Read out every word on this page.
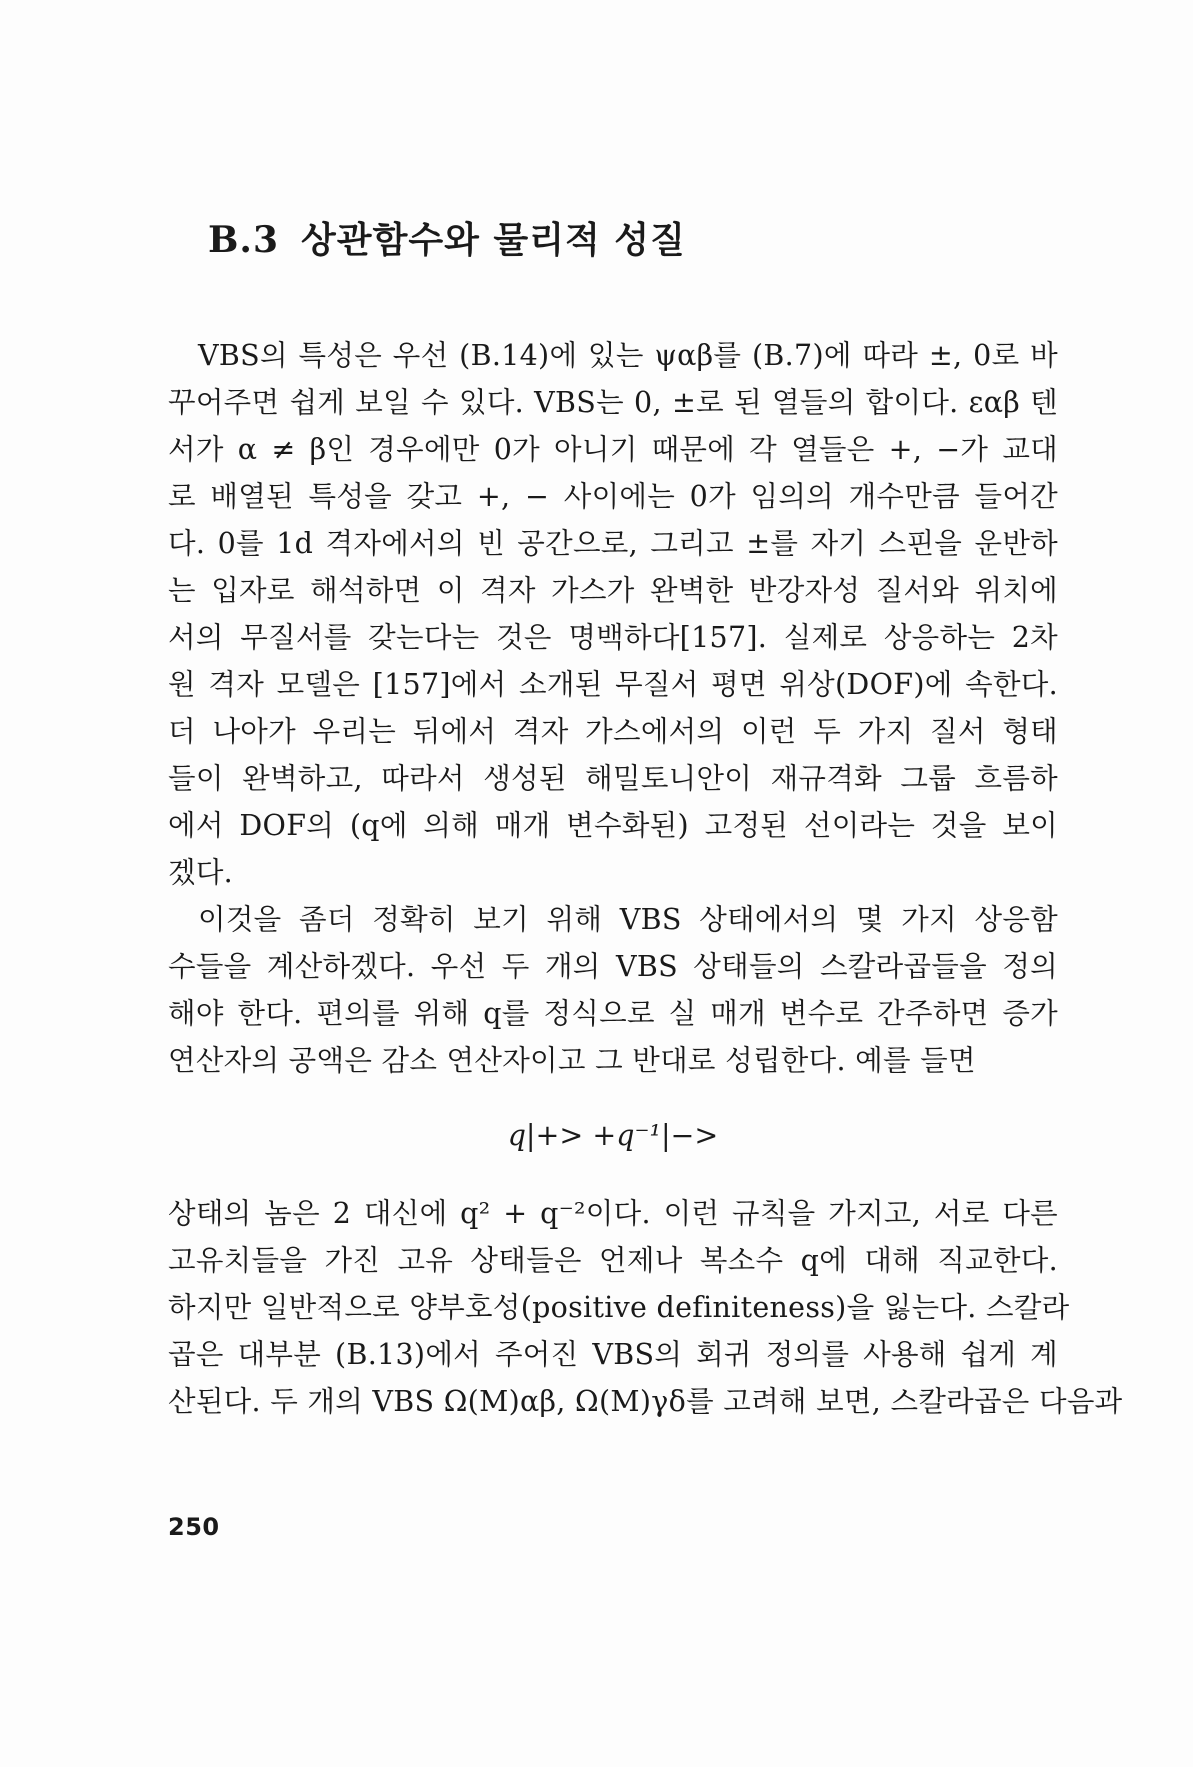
B.3 상관함수와 물리적 성질
VBS의 특성은 우선 (B.14)에 있는 ψαβ를 (B.7)에 따라 ±, 0로 바
꾸어주면 쉽게 보일 수 있다. VBS는 0, ±로 된 열들의 합이다. εαβ 텐
서가 α ≠ β인 경우에만 0가 아니기 때문에 각 열들은 +, −가 교대
로 배열된 특성을 갖고 +, − 사이에는 0가 임의의 개수만큼 들어간
다. 0를 1d 격자에서의 빈 공간으로, 그리고 ±를 자기 스핀을 운반하
는 입자로 해석하면 이 격자 가스가 완벽한 반강자성 질서와 위치에
서의 무질서를 갖는다는 것은 명백하다[157]. 실제로 상응하는 2차
원 격자 모델은 [157]에서 소개된 무질서 평면 위상(DOF)에 속한다.
더 나아가 우리는 뒤에서 격자 가스에서의 이런 두 가지 질서 형태
들이 완벽하고, 따라서 생성된 해밀토니안이 재규격화 그룹 흐름하
에서 DOF의 (q에 의해 매개 변수화된) 고정된 선이라는 것을 보이
겠다.
이것을 좀더 정확히 보기 위해 VBS 상태에서의 몇 가지 상응함
수들을 계산하겠다. 우선 두 개의 VBS 상태들의 스칼라곱들을 정의
해야 한다. 편의를 위해 q를 정식으로 실 매개 변수로 간주하면 증가
연산자의 공액은 감소 연산자이고 그 반대로 성립한다. 예를 들면
q|+> +q⁻¹|−>
상태의 놈은 2 대신에 q² + q⁻²이다. 이런 규칙을 가지고, 서로 다른
고유치들을 가진 고유 상태들은 언제나 복소수 q에 대해 직교한다.
하지만 일반적으로 양부호성(positive definiteness)을 잃는다. 스칼라
곱은 대부분 (B.13)에서 주어진 VBS의 회귀 정의를 사용해 쉽게 계
산된다. 두 개의 VBS Ω(M)αβ, Ω(M)γδ를 고려해 보면, 스칼라곱은 다음과
250
